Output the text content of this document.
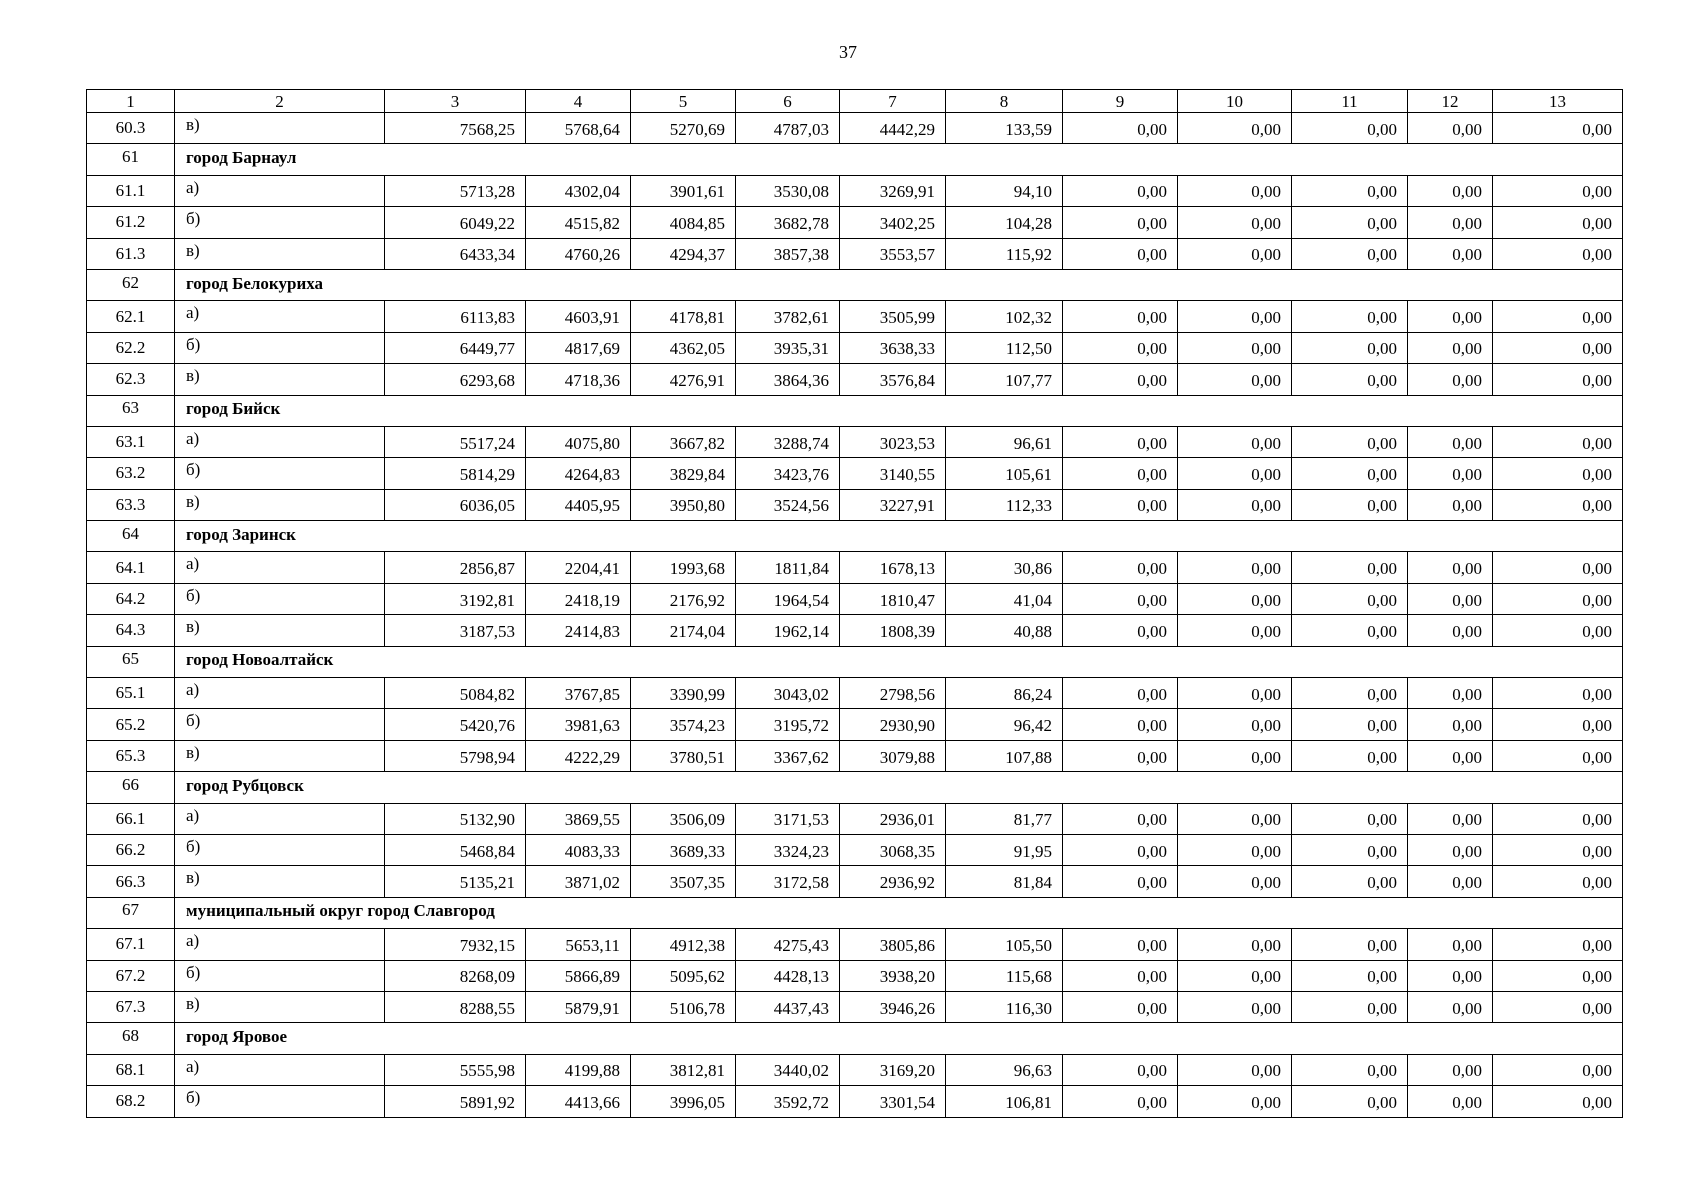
37
1	2	3	4	5	6	7	8	9	10	11	12	13
60.3	в)	7568,25	5768,64	5270,69	4787,03	4442,29	133,59	0,00	0,00	0,00	0,00	0,00
61	город Барнаул											
61.1	а)	5713,28	4302,04	3901,61	3530,08	3269,91	94,10	0,00	0,00	0,00	0,00	0,00
61.2	б)	6049,22	4515,82	4084,85	3682,78	3402,25	104,28	0,00	0,00	0,00	0,00	0,00
61.3	в)	6433,34	4760,26	4294,37	3857,38	3553,57	115,92	0,00	0,00	0,00	0,00	0,00
62	город Белокуриха											
62.1	а)	6113,83	4603,91	4178,81	3782,61	3505,99	102,32	0,00	0,00	0,00	0,00	0,00
62.2	б)	6449,77	4817,69	4362,05	3935,31	3638,33	112,50	0,00	0,00	0,00	0,00	0,00
62.3	в)	6293,68	4718,36	4276,91	3864,36	3576,84	107,77	0,00	0,00	0,00	0,00	0,00
63	город Бийск											
63.1	а)	5517,24	4075,80	3667,82	3288,74	3023,53	96,61	0,00	0,00	0,00	0,00	0,00
63.2	б)	5814,29	4264,83	3829,84	3423,76	3140,55	105,61	0,00	0,00	0,00	0,00	0,00
63.3	в)	6036,05	4405,95	3950,80	3524,56	3227,91	112,33	0,00	0,00	0,00	0,00	0,00
64	город Заринск											
64.1	а)	2856,87	2204,41	1993,68	1811,84	1678,13	30,86	0,00	0,00	0,00	0,00	0,00
64.2	б)	3192,81	2418,19	2176,92	1964,54	1810,47	41,04	0,00	0,00	0,00	0,00	0,00
64.3	в)	3187,53	2414,83	2174,04	1962,14	1808,39	40,88	0,00	0,00	0,00	0,00	0,00
65	город Новоалтайск											
65.1	а)	5084,82	3767,85	3390,99	3043,02	2798,56	86,24	0,00	0,00	0,00	0,00	0,00
65.2	б)	5420,76	3981,63	3574,23	3195,72	2930,90	96,42	0,00	0,00	0,00	0,00	0,00
65.3	в)	5798,94	4222,29	3780,51	3367,62	3079,88	107,88	0,00	0,00	0,00	0,00	0,00
66	город Рубцовск											
66.1	а)	5132,90	3869,55	3506,09	3171,53	2936,01	81,77	0,00	0,00	0,00	0,00	0,00
66.2	б)	5468,84	4083,33	3689,33	3324,23	3068,35	91,95	0,00	0,00	0,00	0,00	0,00
66.3	в)	5135,21	3871,02	3507,35	3172,58	2936,92	81,84	0,00	0,00	0,00	0,00	0,00
67	муниципальный округ город Славгород											
67.1	а)	7932,15	5653,11	4912,38	4275,43	3805,86	105,50	0,00	0,00	0,00	0,00	0,00
67.2	б)	8268,09	5866,89	5095,62	4428,13	3938,20	115,68	0,00	0,00	0,00	0,00	0,00
67.3	в)	8288,55	5879,91	5106,78	4437,43	3946,26	116,30	0,00	0,00	0,00	0,00	0,00
68	город Яровое											
68.1	а)	5555,98	4199,88	3812,81	3440,02	3169,20	96,63	0,00	0,00	0,00	0,00	0,00
68.2	б)	5891,92	4413,66	3996,05	3592,72	3301,54	106,81	0,00	0,00	0,00	0,00	0,00
